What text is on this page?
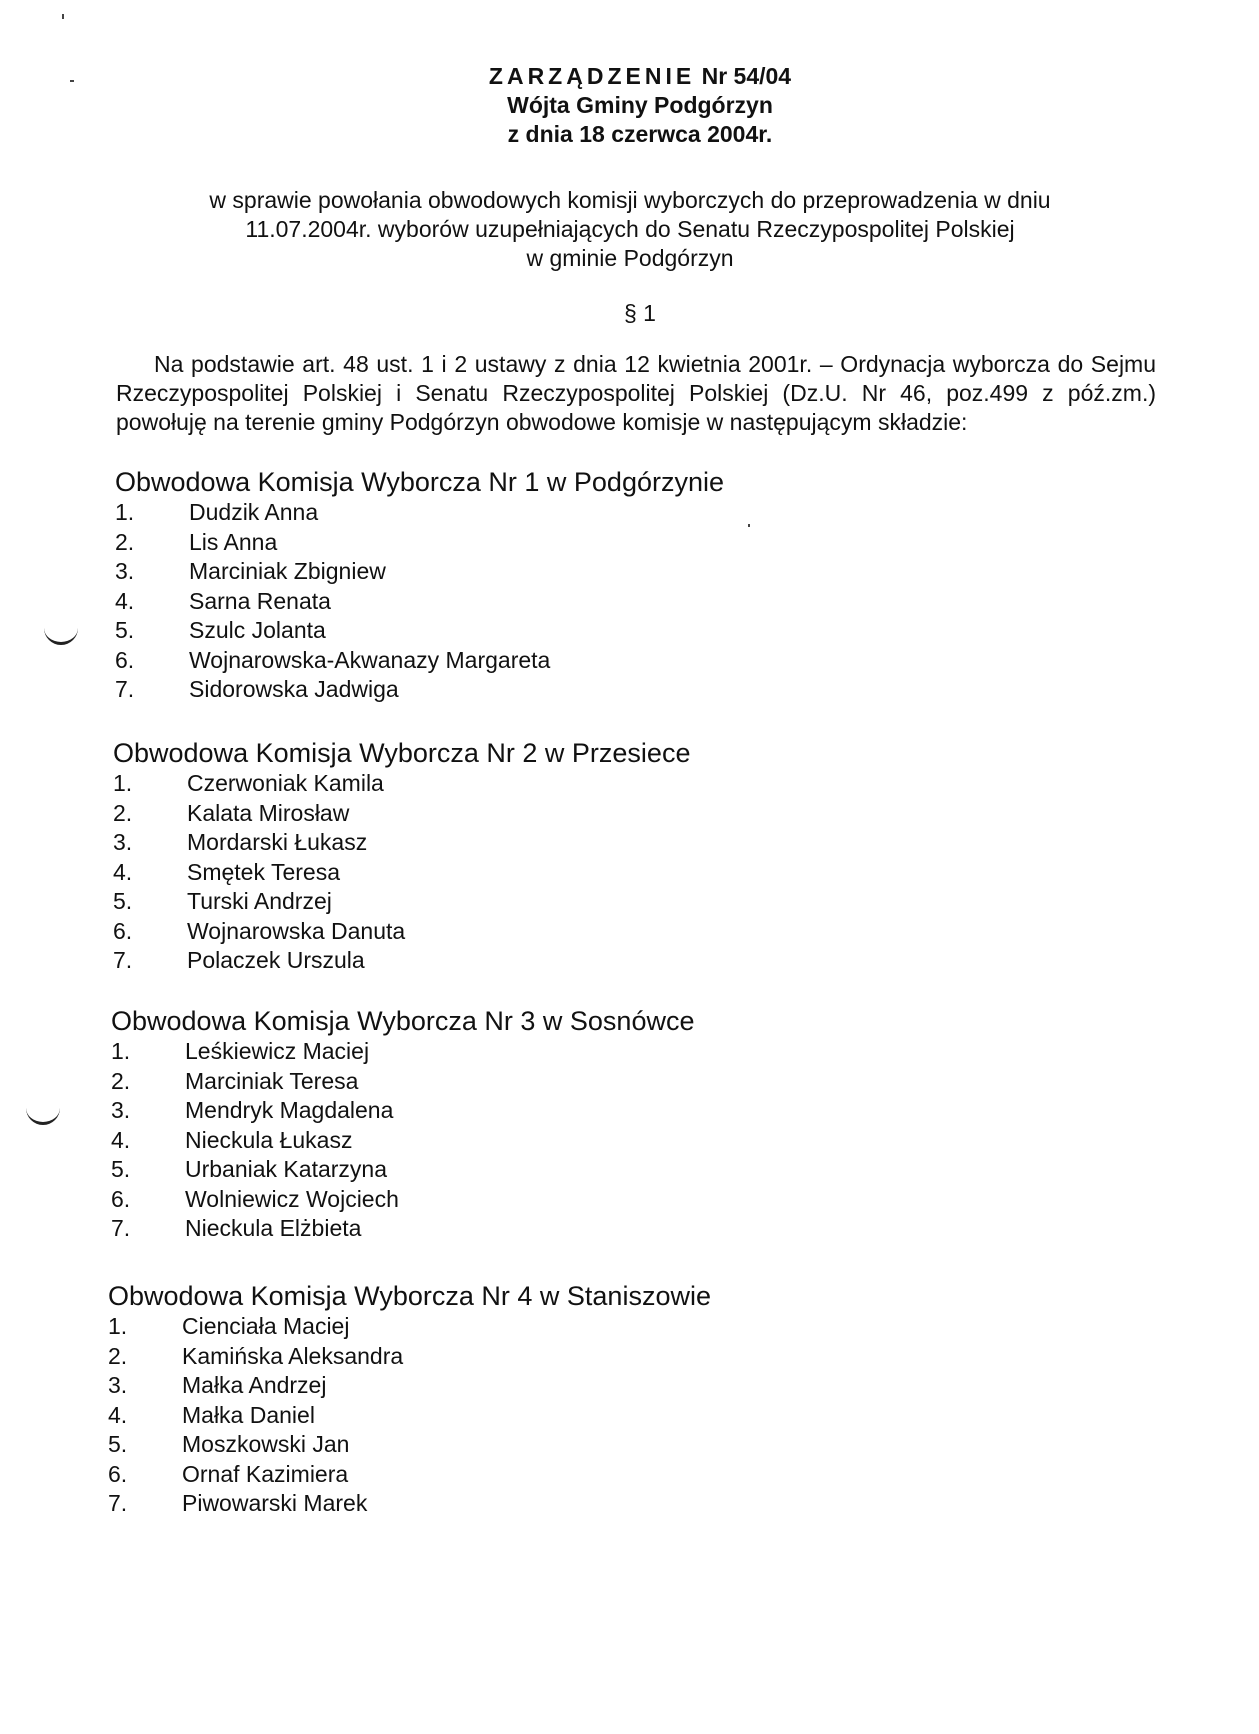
ZARZĄDZENIE Nr 54/04
Wójta Gminy Podgórzyn
z dnia 18 czerwca 2004r.
w sprawie powołania obwodowych komisji wyborczych do przeprowadzenia w dniu
11.07.2004r. wyborów uzupełniających do Senatu Rzeczypospolitej Polskiej
w gminie Podgórzyn
§ 1
Na podstawie art. 48 ust. 1 i 2 ustawy z dnia 12 kwietnia 2001r. – Ordynacja wyborcza do Sejmu Rzeczypospolitej Polskiej i Senatu Rzeczypospolitej Polskiej (Dz.U. Nr 46, poz.499 z póź.zm.) powołuję na terenie gminy Podgórzyn obwodowe komisje w następującym składzie:
Obwodowa Komisja Wyborcza Nr 1 w Podgórzynie
1. Dudzik Anna
2. Lis Anna
3. Marciniak Zbigniew
4. Sarna Renata
5. Szulc Jolanta
6. Wojnarowska-Akwanazy Margareta
7. Sidorowska Jadwiga
Obwodowa Komisja Wyborcza Nr 2 w Przesiece
1. Czerwoniak Kamila
2. Kalata Mirosław
3. Mordarski Łukasz
4. Smętek Teresa
5. Turski Andrzej
6. Wojnarowska Danuta
7. Polaczek Urszula
Obwodowa Komisja Wyborcza Nr 3 w Sosnówce
1. Leśkiewicz Maciej
2. Marciniak Teresa
3. Mendryk Magdalena
4. Nieckula Łukasz
5. Urbaniak Katarzyna
6. Wolniewicz Wojciech
7. Nieckula Elżbieta
Obwodowa Komisja Wyborcza Nr 4 w Staniszowie
1. Cienciała Maciej
2. Kamińska Aleksandra
3. Małka Andrzej
4. Małka Daniel
5. Moszkowski Jan
6. Ornaf Kazimiera
7. Piwowarski Marek
